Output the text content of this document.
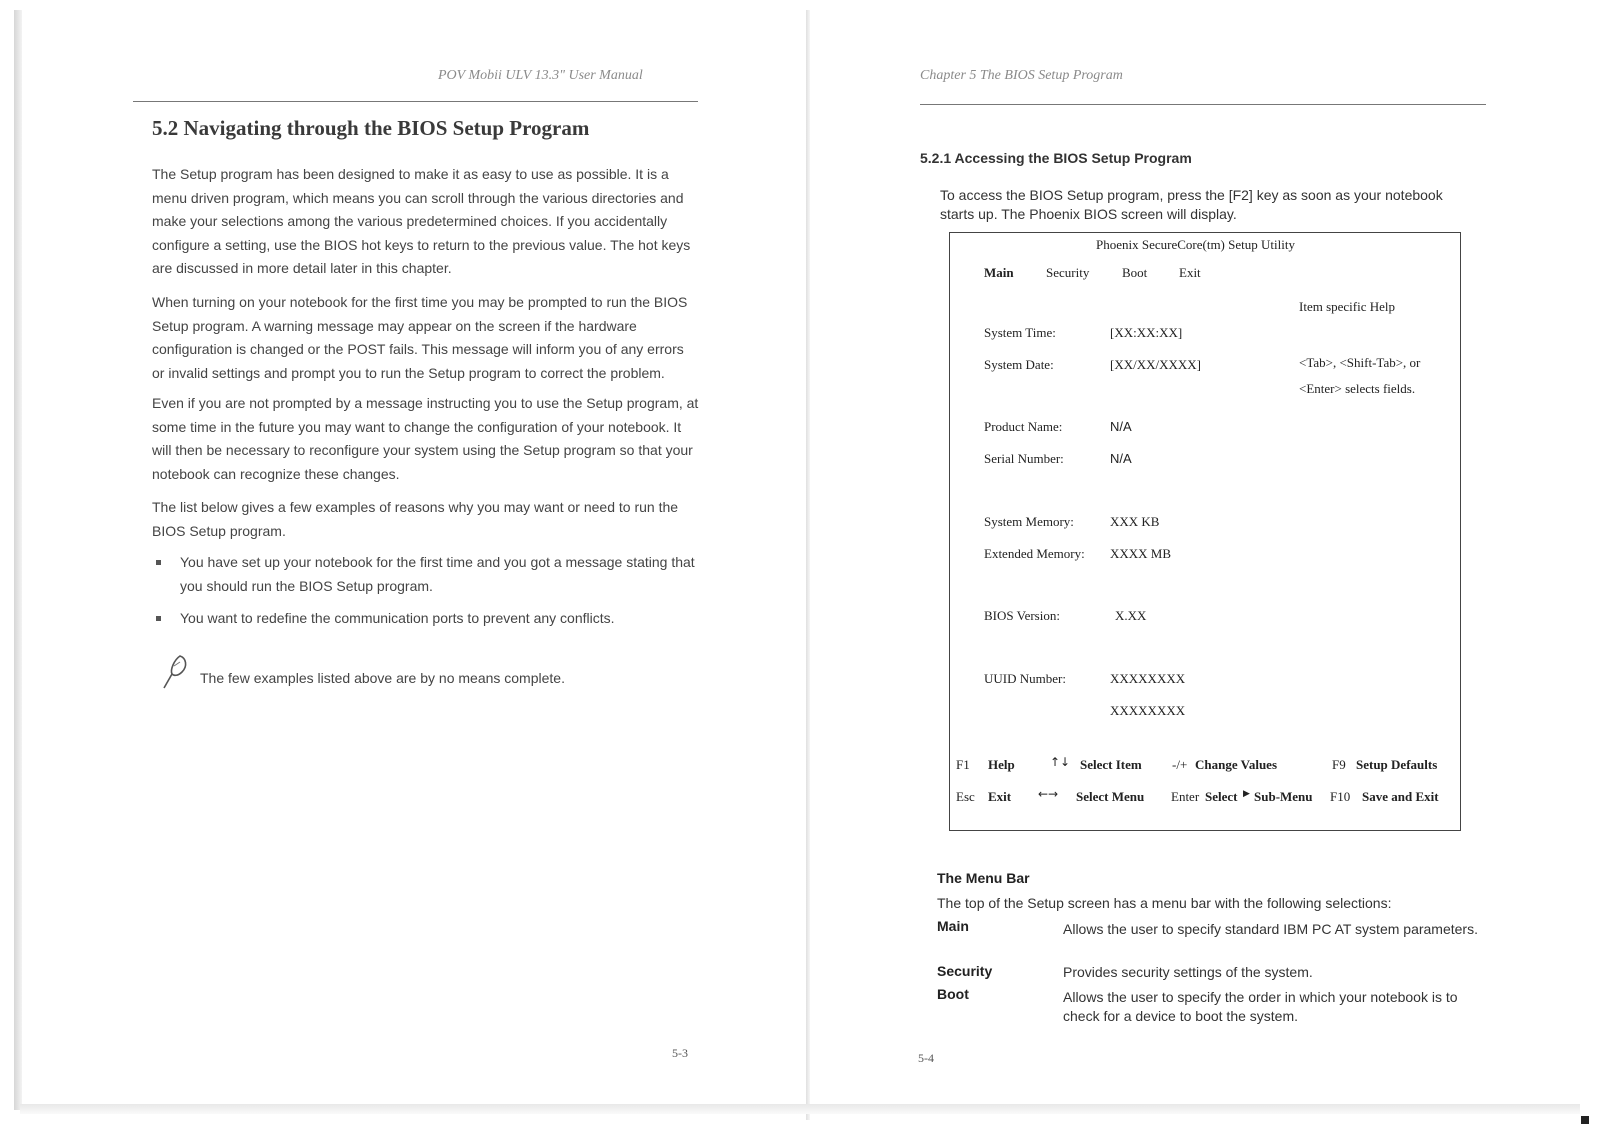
POV Mobii ULV 13.3" User Manual
5.2 Navigating through the BIOS Setup Program

The Setup program has been designed to make it as easy to use as possible. It is a menu driven program, which means you can scroll through the various directories and make your selections among the various predetermined choices. If you accidentally configure a setting, use the BIOS hot keys to return to the previous value. The hot keys are discussed in more detail later in this chapter.

When turning on your notebook for the first time you may be prompted to run the BIOS Setup program. A warning message may appear on the screen if the hardware configuration is changed or the POST fails. This message will inform you of any errors or invalid settings and prompt you to run the Setup program to correct the problem.

Even if you are not prompted by a message instructing you to use the Setup program, at some time in the future you may want to change the configuration of your notebook. It will then be necessary to reconfigure your system using the Setup program so that your notebook can recognize these changes.

The list below gives a few examples of reasons why you may want or need to run the BIOS Setup program.

You have set up your notebook for the first time and you got a message stating that you should run the BIOS Setup program.
You want to redefine the communication ports to prevent any conflicts.
The few examples listed above are by no means complete.
5-3
Chapter 5 The BIOS Setup Program
5.2.1 Accessing the BIOS Setup Program

To access the BIOS Setup program, press the [F2] key as soon as your notebook starts up. The Phoenix BIOS screen will display.

Phoenix SecureCore(tm) Setup Utility
Main Security	Boot Exit
Item specific Help
<Tab>, <Shift-Tab>, or
<Enter> selects fields.
System Time:	[XX:XX:XX]
System Date:	[XX/XX/XXXX]
Product Name:	N/A
Serial Number:	N/A
System Memory:	XXX KB
Extended Memory: XXXX MB
BIOS Version:	X.XX
UUID Number:	XXXXXXXX
XXXXXXXX
F1 Help	↑↓ Select Item -/+ Change Values	F9 Setup Defaults
Esc Exit ←→ Select Menu Enter Select ▶ Sub-Menu F10 Save and Exit
The Menu Bar
The top of the Setup screen has a menu bar with the following selections:
Main	Allows the user to specify standard IBM PC AT system parameters.
Security	Provides security settings of the system.
Boot	Allows the user to specify the order in which your notebook is to check for a device to boot the system.
5-4
